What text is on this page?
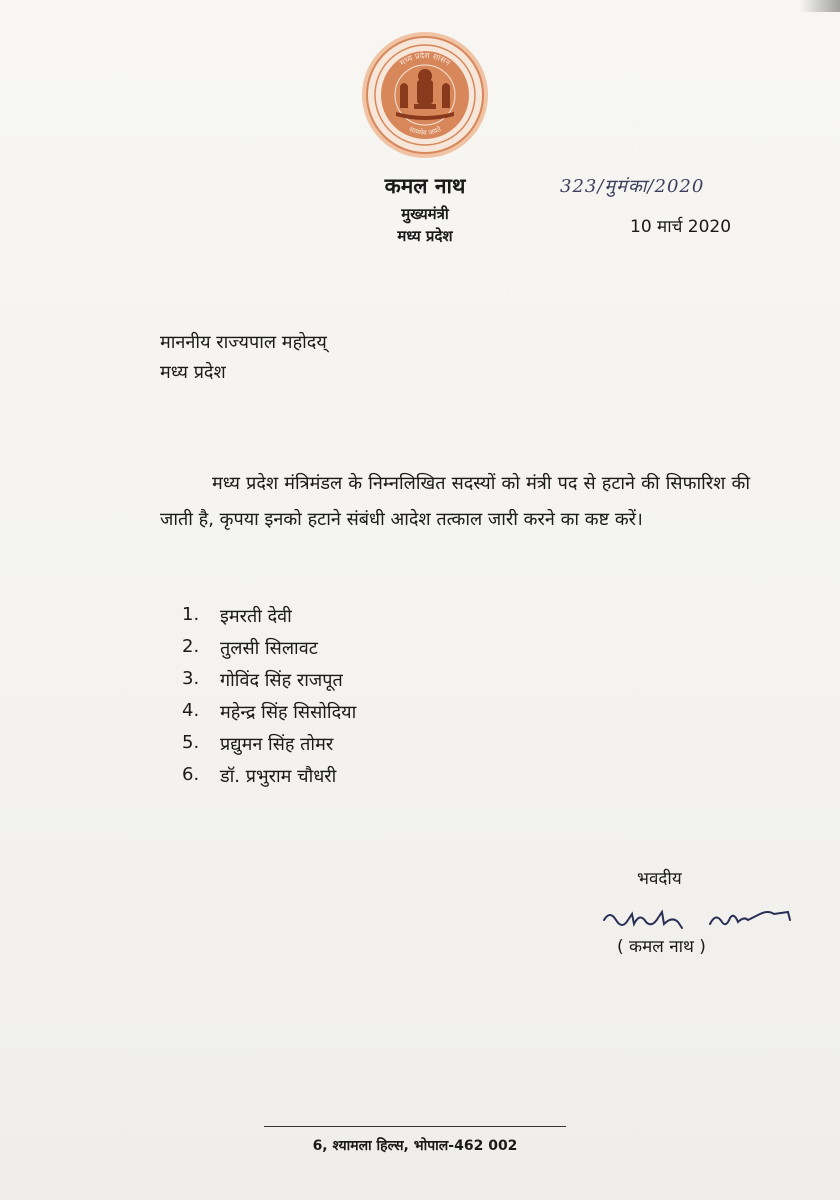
मध्य प्रदेश शासन
सत्यमेव जयते
कमल नाथ
मुख्यमंत्री
मध्य प्रदेश
323/मुमंका/2020
10 मार्च 2020
माननीय राज्यपाल महोदय्
मध्य प्रदेश

मध्य प्रदेश मंत्रिमंडल के निम्नलिखित सदस्यों को मंत्री पद से हटाने की सिफारिश की जाती है, कृपया इनको हटाने संबंधी आदेश तत्काल जारी करने का कष्ट करें।

1.	इमरती देवी
2.	तुलसी सिलावट
3.	गोविंद सिंह राजपूत
4.	महेन्द्र सिंह सिसोदिया
5.	प्रद्युमन सिंह तोमर
6.	डॉ. प्रभुराम चौधरी
भवदीय
( कमल नाथ )
6, श्यामला हिल्स, भोपाल-462 002
